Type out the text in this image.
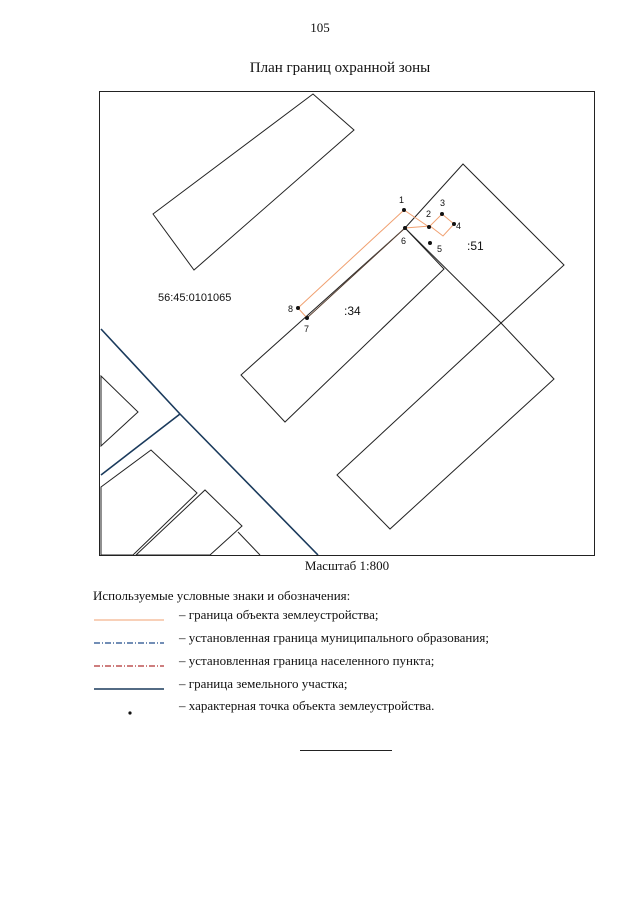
105
План границ охранной зоны
1
2
3
4
5
6
7
8
56:45:0101065
:34
:51
Масштаб 1:800
Используемые условные знаки и обозначения:
– граница объекта землеустройства;
– установленная граница муниципального образования;
– установленная граница населенного пункта;
– граница земельного участка;
– характерная точка объекта землеустройства.
